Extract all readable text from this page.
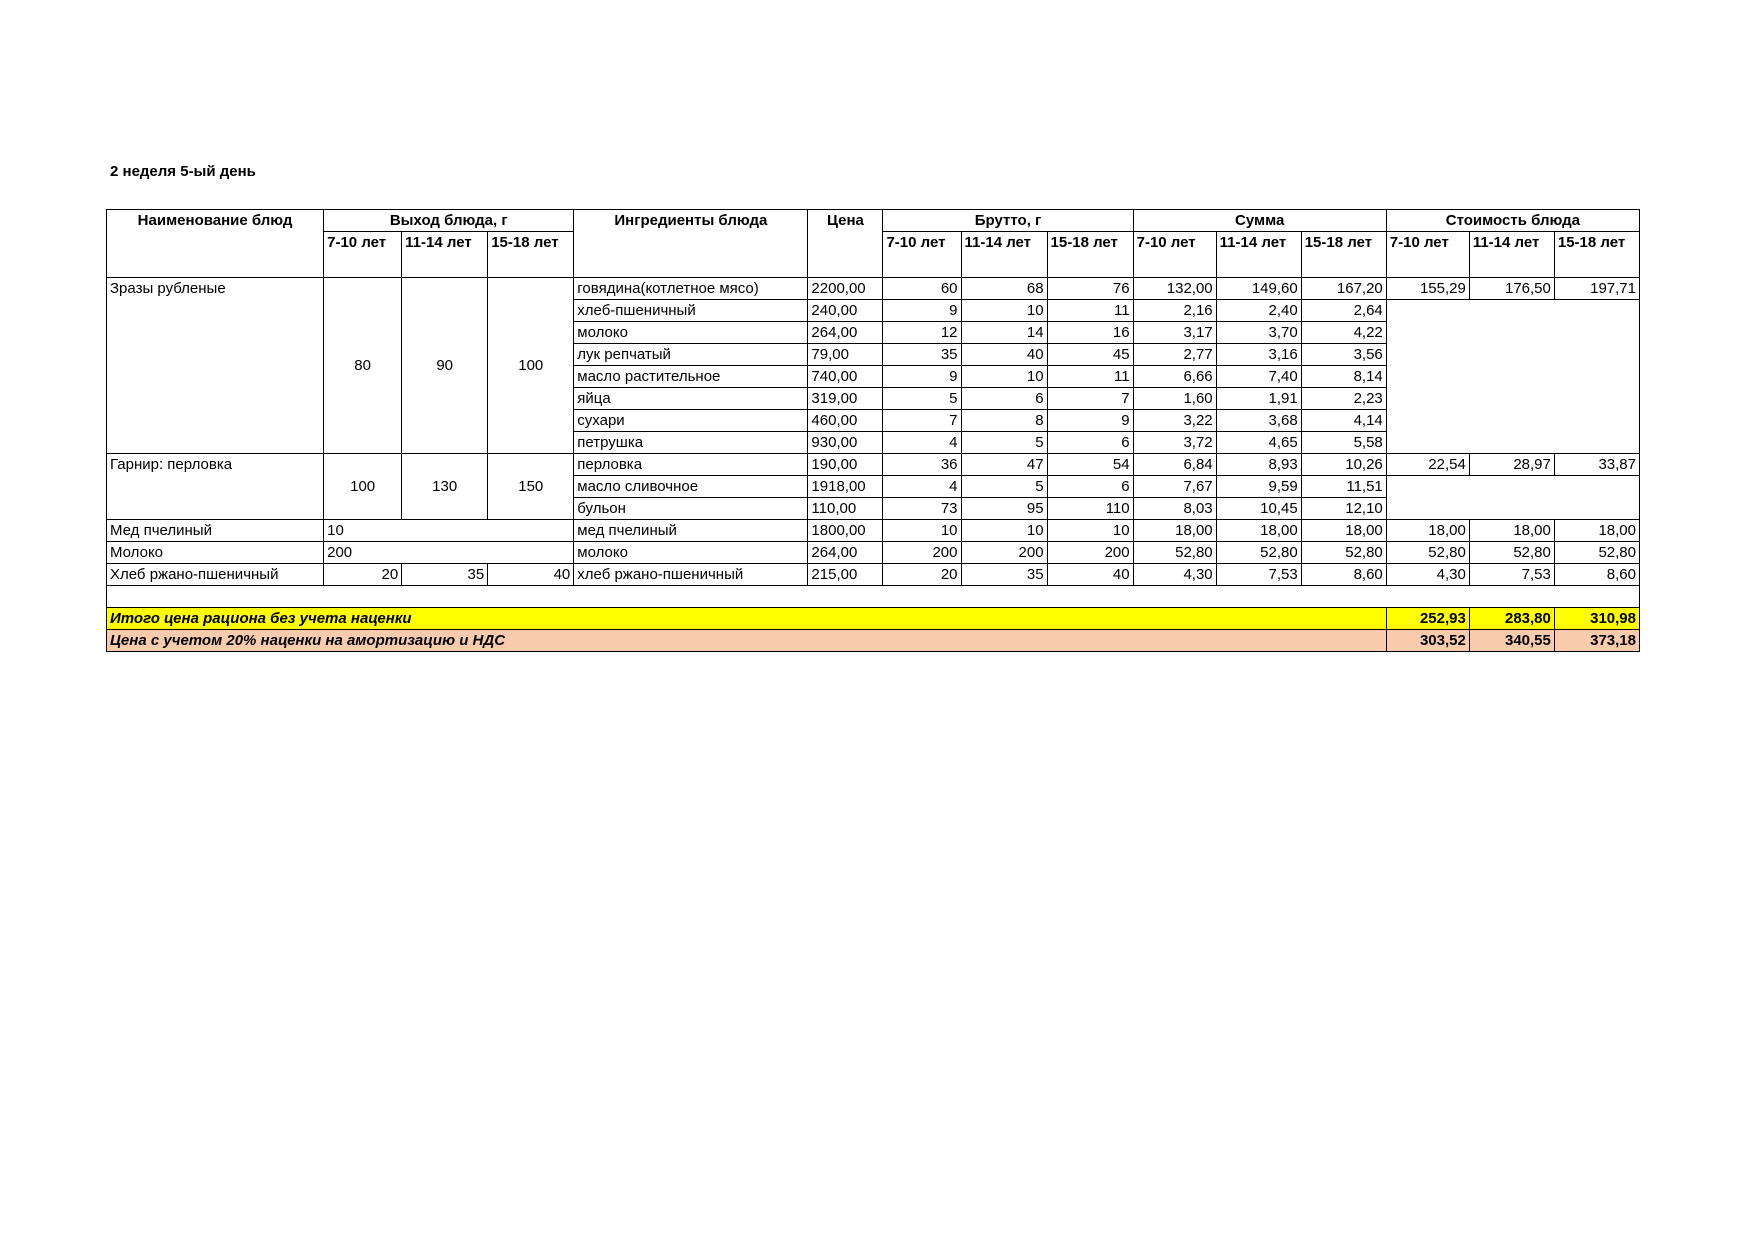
2 неделя 5-ый день
Наименование блюд	Выход блюда, г			Ингредиенты блюда	Цена	Брутто, г			Сумма			Стоимость блюда		
	7-10 лет	11-14 лет	15-18 лет			7-10 лет	11-14 лет	15-18 лет	7-10 лет	11-14 лет	15-18 лет	7-10 лет	11-14 лет	15-18 лет
Зразы рубленые	80	90	100	говядина(котлетное мясо)	2200,00	60	68	76	132,00	149,60	167,20	155,29	176,50	197,71
				хлеб-пшеничный	240,00	9	10	11	2,16	2,40	2,64			
				молоко	264,00	12	14	16	3,17	3,70	4,22			
				лук репчатый	79,00	35	40	45	2,77	3,16	3,56			
				масло растительное	740,00	9	10	11	6,66	7,40	8,14			
				яйца	319,00	5	6	7	1,60	1,91	2,23			
				сухари	460,00	7	8	9	3,22	3,68	4,14			
				петрушка	930,00	4	5	6	3,72	4,65	5,58			
Гарнир: перловка	100	130	150	перловка	190,00	36	47	54	6,84	8,93	10,26	22,54	28,97	33,87
				масло сливочное	1918,00	4	5	6	7,67	9,59	11,51			
				бульон	110,00	73	95	110	8,03	10,45	12,10			
Мед пчелиный	10			мед пчелиный	1800,00	10	10	10	18,00	18,00	18,00	18,00	18,00	18,00
Молоко	200			молоко	264,00	200	200	200	52,80	52,80	52,80	52,80	52,80	52,80
Хлеб ржано-пшеничный	20	35	40	хлеб ржано-пшеничный	215,00	20	35	40	4,30	7,53	8,60	4,30	7,53	8,60

Итого цена рациона без учета наценки												252,93	283,80	310,98
Цена с учетом 20% наценки на амортизацию и НДС												303,52	340,55	373,18
